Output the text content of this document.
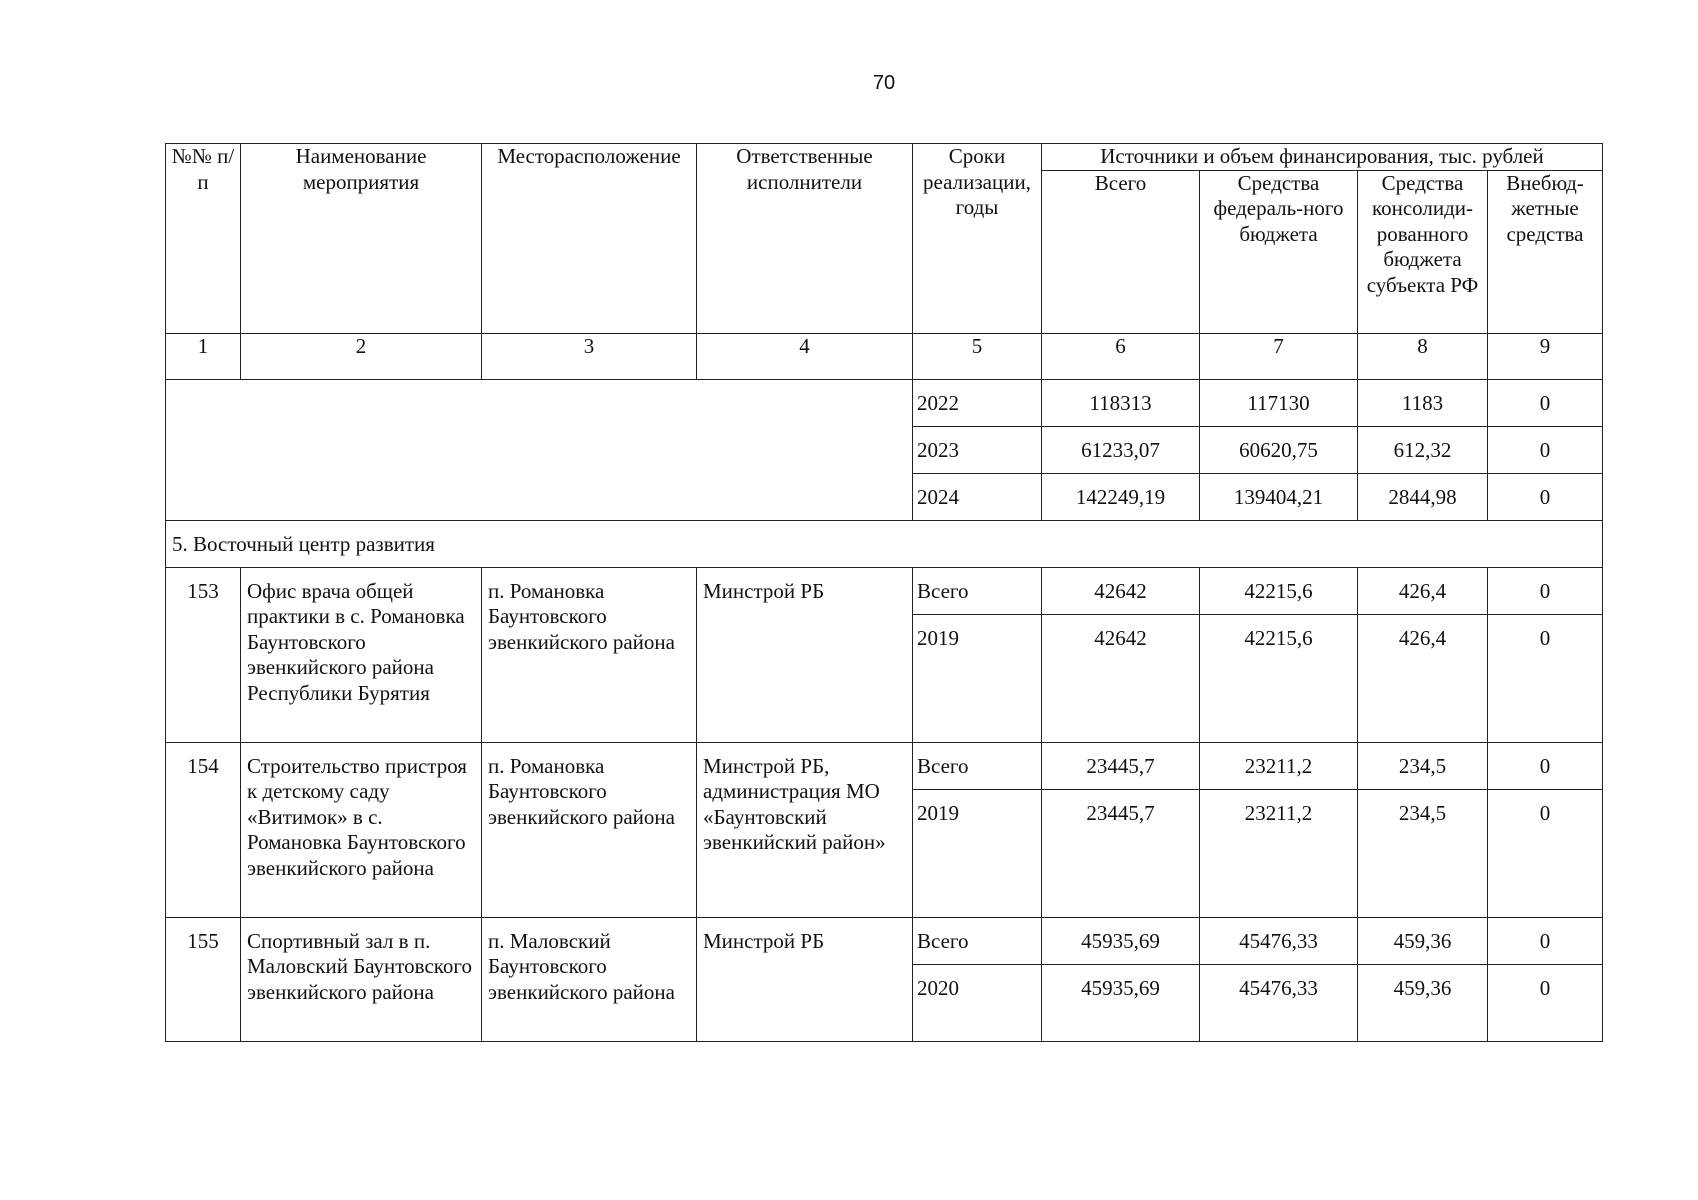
70
№№ п/п	Наименование мероприятия	Месторасположение	Ответственные исполнители	Сроки реализации, годы	Источники и объем финансирования, тыс. рублей			
					Всего	Средства федераль-ного бюджета	Средства консолиди-рованного бюджета субъекта РФ	Внебюд-жетные средства
1	2	3	4	5	6	7	8	9
				2022	118313	117130	1183	0
				2023	61233,07	60620,75	612,32	0
				2024	142249,19	139404,21	2844,98	0
5. Восточный центр развития								
153	Офис врача общей практики в с. Романовка Баунтовского эвенкийского района Республики Бурятия	п. Романовка Баунтовского эвенкийского района	Минстрой РБ	Всего	42642	42215,6	426,4	0
				2019	42642	42215,6	426,4	0
154	Строительство пристроя к детскому саду «Витимок» в с. Романовка Баунтовского эвенкийского района	п. Романовка Баунтовского эвенкийского района	Минстрой РБ, администрация МО «Баунтовский эвенкийский район»	Всего	23445,7	23211,2	234,5	0
				2019	23445,7	23211,2	234,5	0
155	Спортивный зал в п. Маловский Баунтовского эвенкийского района	п. Маловский Баунтовского эвенкийского района	Минстрой РБ	Всего	45935,69	45476,33	459,36	0
				2020	45935,69	45476,33	459,36	0
